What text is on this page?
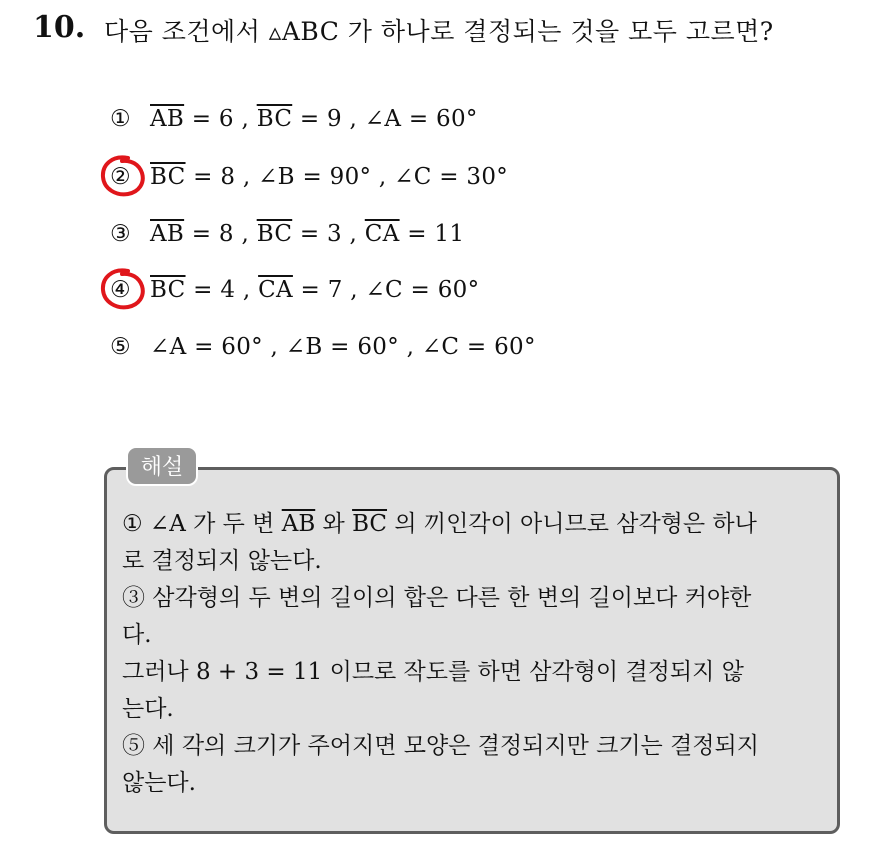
10. 다음 조건에서 ▵ABC 가 하나로 결정되는 것을 모두 고르면?
① $\overline{AB} = 6$ , $\overline{BC} = 9$ , ∠A = 60°
② $\overline{BC} = 8$ , ∠B = 90° , ∠C = 30°
③ $\overline{AB} = 8$ , $\overline{BC} = 3$ , $\overline{CA} = 11$
④ $\overline{BC} = 4$ , $\overline{CA} = 7$ , ∠C = 60°
⑤ ∠A = 60° , ∠B = 60° , ∠C = 60°
해설
① ∠A 가 두 변 $\overline{AB}$ 와 $\overline{BC}$ 의 끼인각이 아니므로 삼각형은 하나
로 결정되지 않는다.
③ 삼각형의 두 변의 길이의 합은 다른 한 변의 길이보다 커야한
다.
그러나 8 + 3 = 11 이므로 작도를 하면 삼각형이 결정되지 않
는다.
⑤ 세 각의 크기가 주어지면 모양은 결정되지만 크기는 결정되지
않는다.
